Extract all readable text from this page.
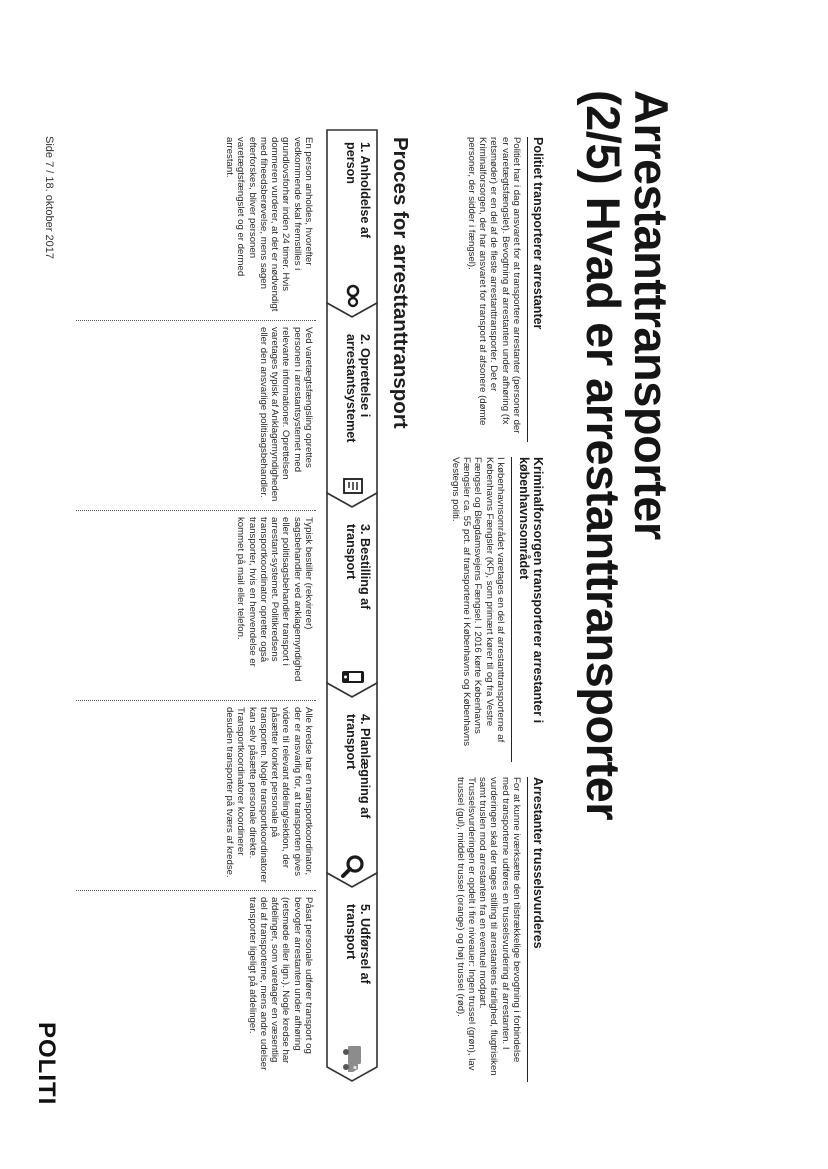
Arrestanttransporter
(2/5) Hvad er arrestanttransporter
Politiet transporterer arrestanter
Politiet har i dag ansvaret for at transportere arrestanter (personer der er varetægtsfængslet). Bevogtning af arrestanten under afhøring (fx retsmøder) er en del af de fleste arrestanttransporter. Det er Kriminalforsorgen, der har ansvaret for transport af afsonere (dømte personer, der sidder i fængsel).
Kriminalforsorgen transporterer arrestanter i københavnsområdet
I københavnsområdet varetages en del af arrestanttransporterne af Københavns Fængsler (KF), som primært kører til og fra Vestre Fængsel og Blegdamsvejens Fængsel. I 2016 kørte Københavns Fængsler ca. 55 pct. af transporterne i Københavns og Københavns Vestegns politi.
Arrestanter trusselsvurderes
For at kunne iværksætte den tilstrækkelige bevogtning i forbindelse med transporterne udføres en trusselsvurdering af arrestanten. I vurderingen skal der tages stilling til arrestantens farlighed, flugtrisiken samt truslen mod arrestanten fra en eventuel modpart. Trusselsvurderingen er opdelt i fire niveauer: Ingen trussel (grøn), lav trussel (gul), middel trussel (orange) og høj trussel (rød).
Proces for arresttanttransport
1. Anholdelse af person
2. Oprettelse i arrestantsystemet
3. Bestilling af transport
4. Planlægning af transport
5. Udførsel af transport
En person anholdes, hvorefter vedkommende skal fremstilles i grundlovsforhør inden 24 timer. Hvis dommeren vurderer, at det er nødvendigt med fiheedsberøvelse, mens sagen efterforskes, bliver personen varetægtsfængslet og er dermed arrestant.
Ved varetægtsfængsling oprettes personen i arrestantsystemet med relevante informationer. Oprettelsen varetages typisk af Anklagemyndigheden eller den ansvarlige politisagsbehandler.
Typisk bestiller (rekvirerer) sagsbehandler ved anklagemyndighed eller politisagsbehandler transport i arrestant-systemet. Politikredsens transportkoordinator opretter også transporter, hvis en henvendelse er kommet på mail eller telefon.
Alle kredse har en transportkoordinator, der er ansvarlig for, at transporten gives videre til relevant afdeling/sektion, der påsætter konkret personale på transporten. Nogle transportkoordinatorer kan selv påsætte personale direkte. Transportkoordinatorer koordinerer desuden transporter på tværs af kredse.
Påsat personale udfører transport og bevogter arrestanten under afhøring (retsmøde eller lign.). Nogle kredse har afdelinger, som varetager en væsentlig del af transporterne, mens andre udelser transporter ligeligt på afdelinger.
Side 7 / 18. oktober 2017
POLITI
